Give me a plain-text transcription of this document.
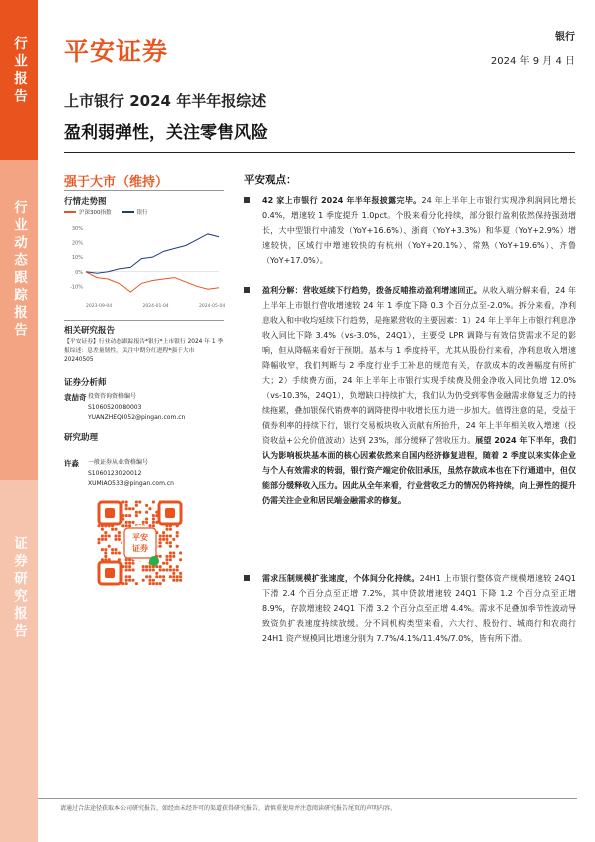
行业报告
行业动态跟踪报告
证券研究报告
平安证券	银行
2024 年 9 月 4 日
上市银行 2024 年半年报综述
盈利弱弹性，关注零售风险
强于大市（维持）
行情走势图
沪深300指数	银行
-10%
0%
10%
20%
30%
2023-09-04	2024-01-04	2024-05-04
相关研究报告
【平安证券】行业动态跟踪报告*银行*上市银行 2024 年 1 季报综述：息差量韧性，关注中期分红进程*强于大市 20240505
证券分析师
袁喆奇 投资咨询资格编号
S1060520080003
YUANZHEQI052@pingan.com.cn
研究助理
许淼 一般证券从业资格编号
S1060123020012
XUMIAO533@pingan.com.cn
平安
证券
平安观点：
42 家上市银行 2024 年半年报披露完毕。24 年上半年上市银行实现净利润同比增长 0.4%，增速较 1 季度提升 1.0pct。个股来看分化持续，部分银行盈利依然保持强劲增长，大中型银行中浦发（YoY+16.6%）、浙商（YoY+3.3%）和华夏（YoY+2.9%）增速较快，区域行中增速较快的有杭州（YoY+20.1%）、常熟（YoY+19.6%）、齐鲁（YoY+17.0%）。
盈利分解：营收延续下行趋势，拨备反哺推动盈利增速回正。从收入端分解来看，24 年上半年上市银行营收增速较 24 年 1 季度下降 0.3 个百分点至-2.0%。拆分来看，净利息收入和中收均延续下行趋势，是拖累营收的主要因素：1）24 年上半年上市银行利息净收入同比下降 3.4%（vs-3.0%，24Q1），主要受 LPR 调降与有效信贷需求不足的影响，但从降幅来看好于预期。基本与 1 季度持平，尤其从股份行来看，净利息收入增速降幅收窄，我们判断与 2 季度行业手工补息的规范有关，存款成本的改善幅度有所扩大；2）手续费方面，24 年上半年上市银行实现手续费及佣金净收入同比负增 12.0%（vs-10.3%，24Q1），负增缺口持续扩大，我们认为仍受到零售金融需求修复乏力的持续拖累，叠加银保代销费率的调降使得中收增长压力进一步加大。值得注意的是，受益于债券利率的持续下行，银行交易板块收入贡献有所抬升，24 年上半年相关收入增速（投资收益+公允价值波动）达到 23%，部分缓释了营收压力。展望 2024 年下半年，我们认为影响板块基本面的核心因素依然来自国内经济修复进程，随着 2 季度以来实体企业与个人有效需求的转弱，银行资产端定价依旧承压，虽然存款成本也在下行通道中，但仅能部分缓释收入压力。因此从全年来看，行业营收乏力的情况仍将持续，向上弹性的提升仍需关注企业和居民端金融需求的修复。
需求压制规模扩张速度，个体间分化持续。24H1 上市银行整体资产规模增速较 24Q1 下滑 2.4 个百分点至正增 7.2%，其中贷款增速较 24Q1 下降 1.2 个百分点至正增 8.9%，存款增速较 24Q1 下滑 3.2 个百分点至正增 4.4%。需求不足叠加季节性波动导致资负扩表速度持续放缓。分不同机构类型来看，六大行、股份行、城商行和农商行 24H1 资产规模同比增速分别为 7.7%/4.1%/11.4%/7.0%，皆有所下滑。
请通过合法途径获取本公司研究报告，如经由未经许可的渠道获得研究报告，请慎重使用并注意阅读研究报告尾页的声明内容。
